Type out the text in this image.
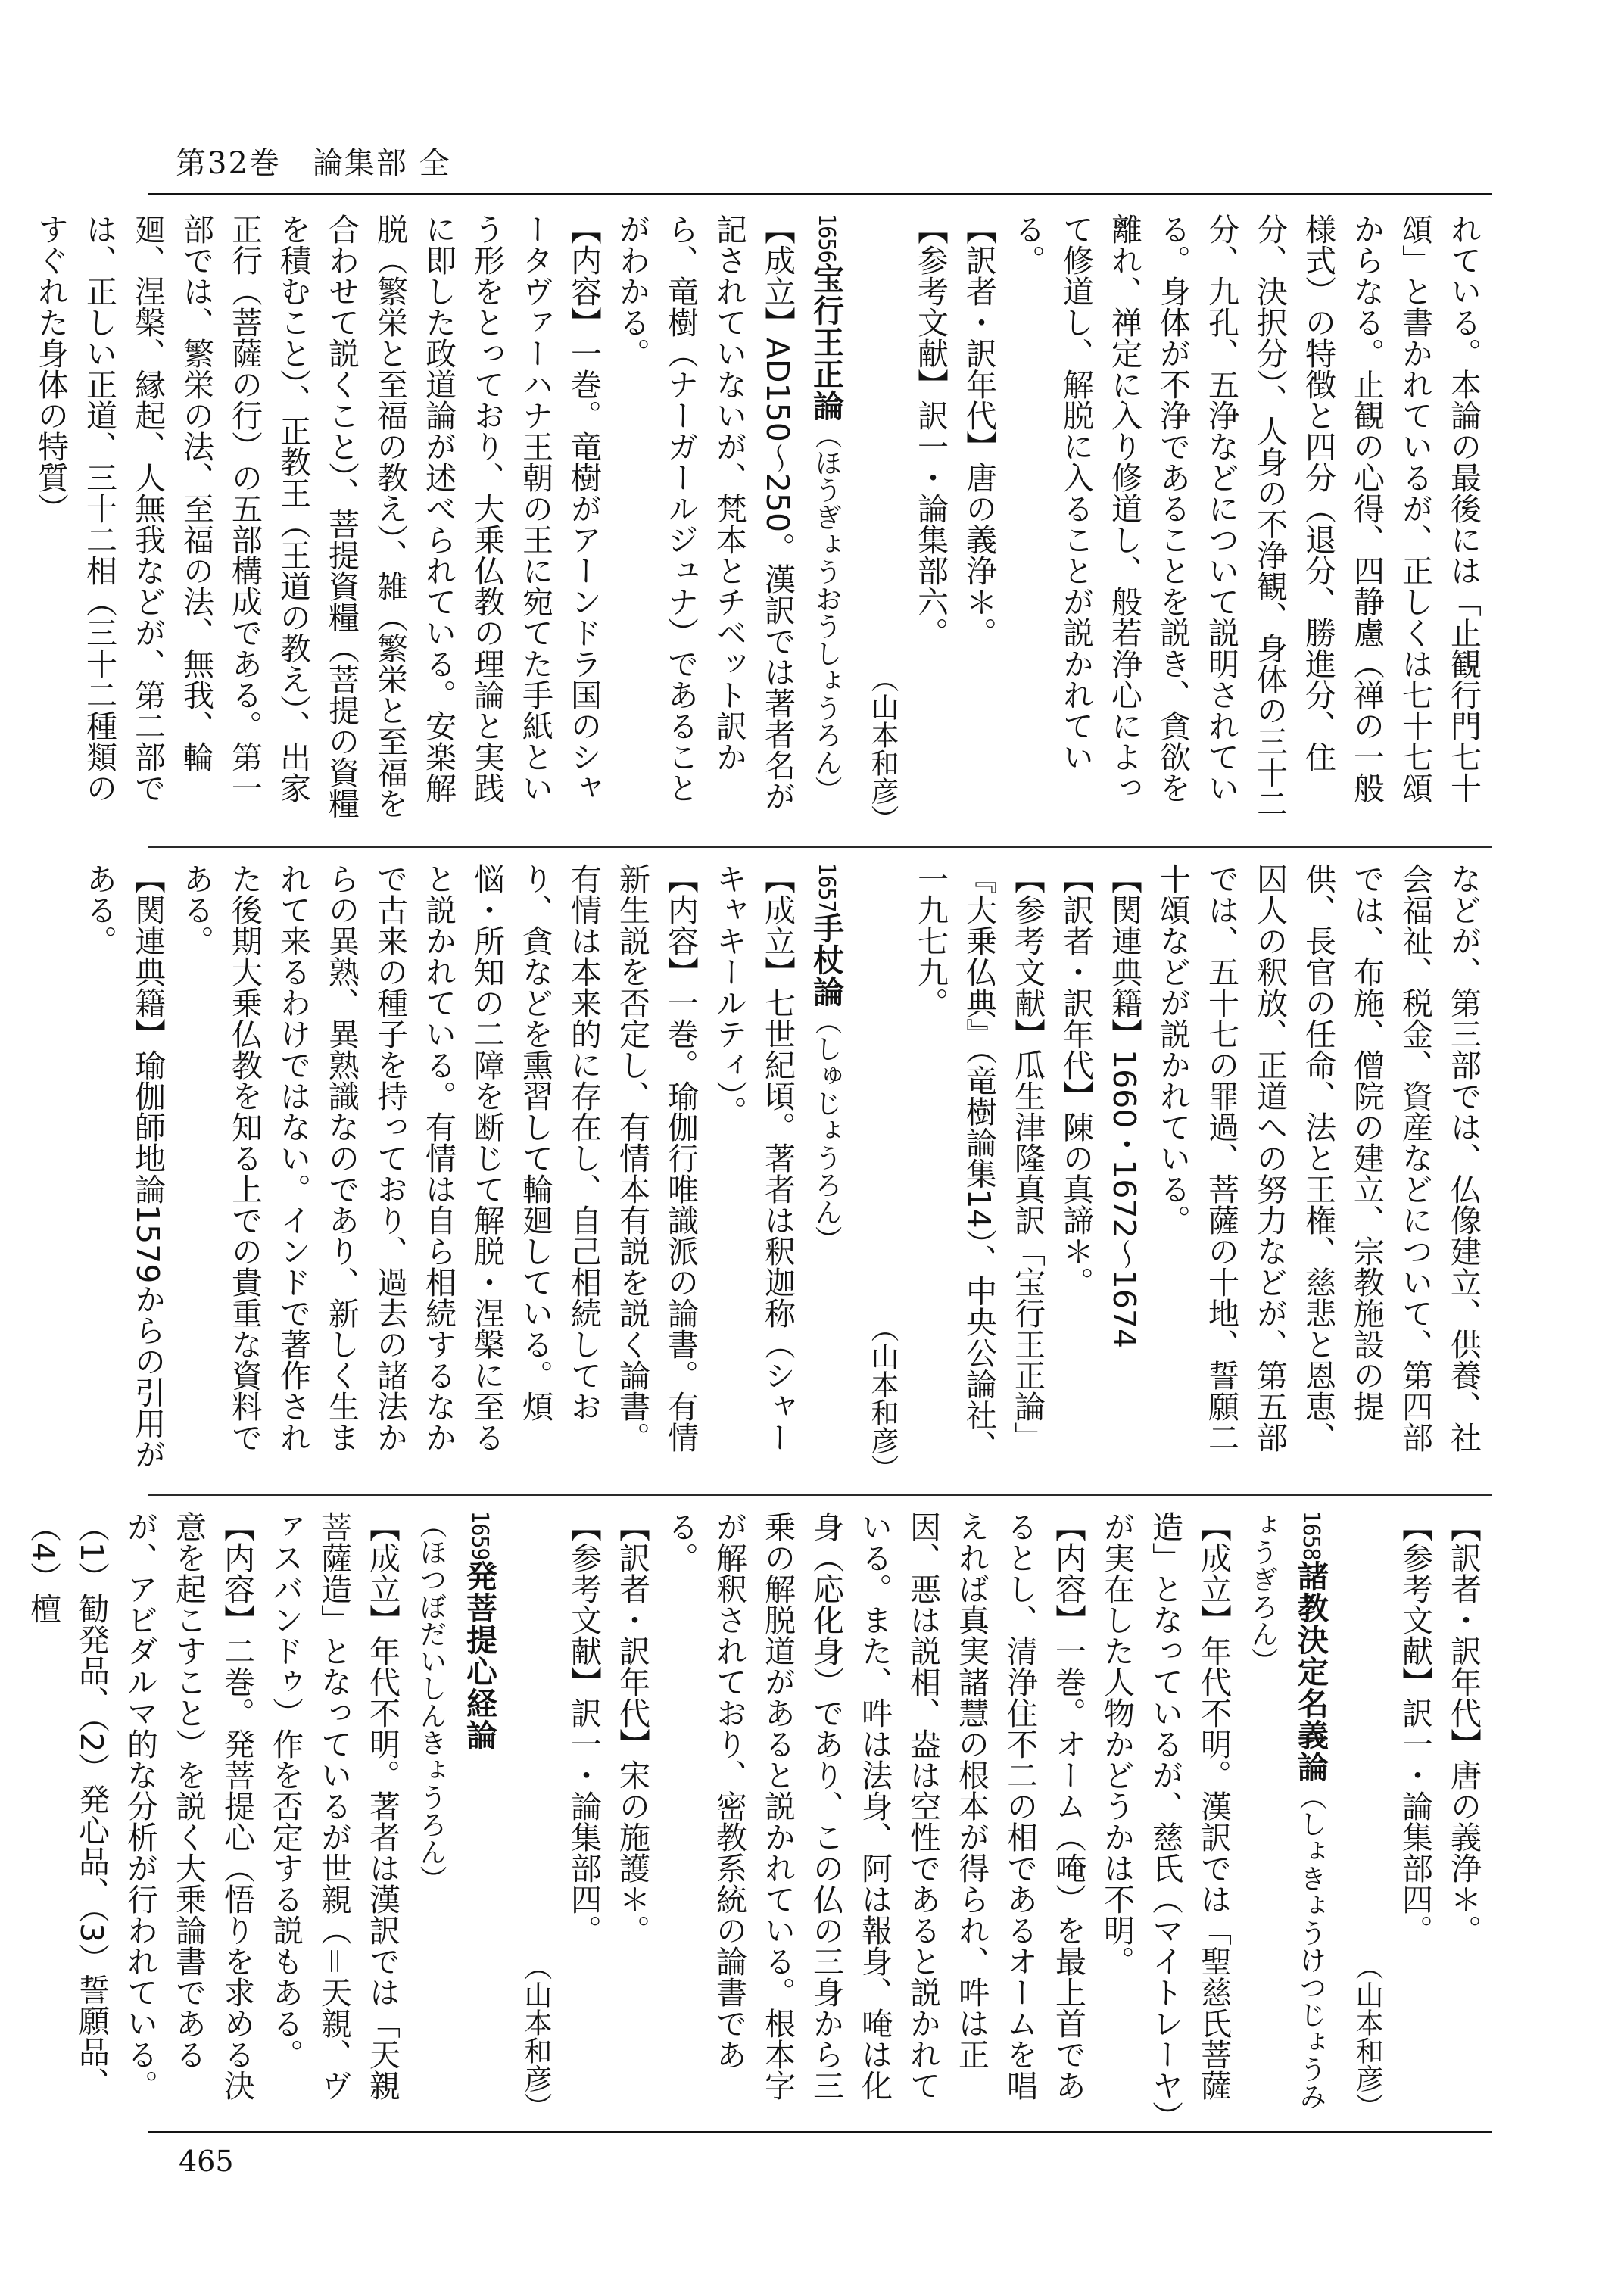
第32巻　論集部 全
れている。本論の最後には「止観行門七十頌」と書かれているが、正しくは七十七頌からなる。止観の心得、四静慮（禅の一般様式）の特徴と四分（退分、勝進分、住分、決択分）、人身の不浄観、身体の三十二分、九孔、五浄などについて説明されている。身体が不浄であることを説き、貪欲を離れ、禅定に入り修道し、般若浄心によって修道し、解脱に入ることが説かれている。
【訳者・訳年代】唐の義浄＊。
【参考文献】訳一・論集部六。
（山本和彦）
1656宝行王正論（ほうぎょうおうしょうろん）
【成立】AD150～250。漢訳では著者名が記されていないが、梵本とチベット訳から、竜樹（ナーガールジュナ）であることがわかる。
【内容】一巻。竜樹がアーンドラ国のシャータヴァーハナ王朝の王に宛てた手紙という形をとっており、大乗仏教の理論と実践に即した政道論が述べられている。安楽解脱（繁栄と至福の教え）、雑（繁栄と至福を合わせて説くこと）、菩提資糧（菩提の資糧を積むこと）、正教王（王道の教え）、出家正行（菩薩の行）の五部構成である。第一部では、繁栄の法、至福の法、無我、輪廻、涅槃、縁起、人無我などが、第二部では、正しい正道、三十二相（三十二種類のすぐれた身体の特質）
などが、第三部では、仏像建立、供養、社会福祉、税金、資産などについて、第四部では、布施、僧院の建立、宗教施設の提供、長官の任命、法と王権、慈悲と恩恵、囚人の釈放、正道への努力などが、第五部では、五十七の罪過、菩薩の十地、誓願二十頌などが説かれている。
【関連典籍】1660・1672～1674
【訳者・訳年代】陳の真諦＊。
【参考文献】瓜生津隆真訳「宝行王正論」『大乗仏典』（竜樹論集14）、中央公論社、一九七九。
（山本和彦）
1657手杖論（しゅじょうろん）
【成立】七世紀頃。著者は釈迦称（シャーキャキールティ）。
【内容】一巻。瑜伽行唯識派の論書。有情新生説を否定し、有情本有説を説く論書。有情は本来的に存在し、自己相続しており、貪などを熏習して輪廻している。煩悩・所知の二障を断じて解脱・涅槃に至ると説かれている。有情は自ら相続するなかで古来の種子を持っており、過去の諸法からの異熟、異熟識なのであり、新しく生まれて来るわけではない。インドで著作された後期大乗仏教を知る上での貴重な資料である。
【関連典籍】瑜伽師地論1579からの引用がある。
【訳者・訳年代】唐の義浄＊。
【参考文献】訳一・論集部四。
（山本和彦）
1658諸教決定名義論（しょきょうけつじょうみょうぎろん）
【成立】年代不明。漢訳では「聖慈氏菩薩造」となっているが、慈氏（マイトレーヤ）が実在した人物かどうかは不明。
【内容】一巻。オーム（唵）を最上首であるとし、清浄住不二の相であるオームを唱えれば真実諸慧の根本が得られ、吽は正因、悪は説相、盎は空性であると説かれている。また、吽は法身、阿は報身、唵は化身（応化身）であり、この仏の三身から三乗の解脱道があると説かれている。根本字が解釈されており、密教系統の論書である。
【訳者・訳年代】宋の施護＊。
【参考文献】訳一・論集部四。
（山本和彦）
1659発菩提心経論（ほつぼだいしんきょうろん）
【成立】年代不明。著者は漢訳では「天親菩薩造」となっているが世親（＝天親、ヴァスバンドゥ）作を否定する説もある。
【内容】二巻。発菩提心（悟りを求める決意を起こすこと）を説く大乗論書であるが、アビダルマ的な分析が行われている。（1）勧発品、（2）発心品、（3）誓願品、（4）檀
465
